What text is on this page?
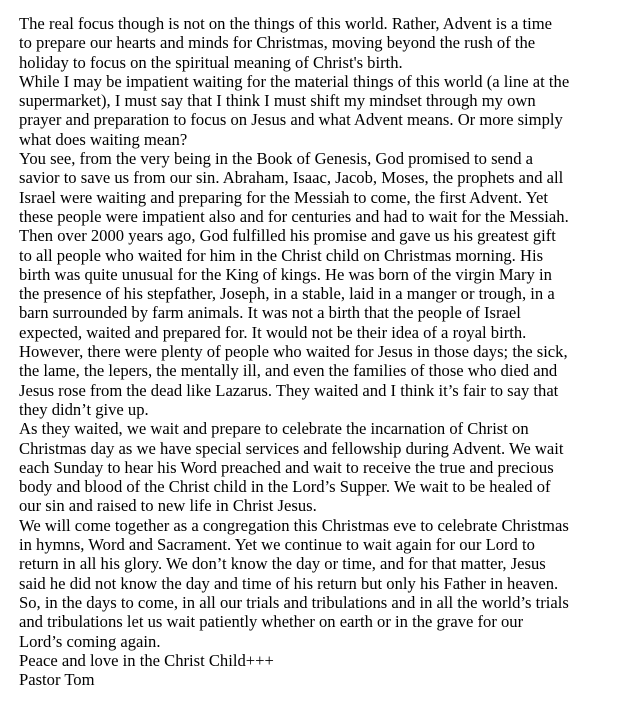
The real focus though is not on the things of this world. Rather, Advent is a time
to prepare our hearts and minds for Christmas, moving beyond the rush of the
holiday to focus on the spiritual meaning of Christ's birth.
While I may be impatient waiting for the material things of this world (a line at the
supermarket), I must say that I think I must shift my mindset through my own
prayer and preparation to focus on Jesus and what Advent means. Or more simply
what does waiting mean?
You see, from the very being in the Book of Genesis, God promised to send a
savior to save us from our sin. Abraham, Isaac, Jacob, Moses, the prophets and all
Israel were waiting and preparing for the Messiah to come, the first Advent. Yet
these people were impatient also and for centuries and had to wait for the Messiah.
Then over 2000 years ago, God fulfilled his promise and gave us his greatest gift
to all people who waited for him in the Christ child on Christmas morning. His
birth was quite unusual for the King of kings. He was born of the virgin Mary in
the presence of his stepfather, Joseph, in a stable, laid in a manger or trough, in a
barn surrounded by farm animals. It was not a birth that the people of Israel
expected, waited and prepared for. It would not be their idea of a royal birth.
However, there were plenty of people who waited for Jesus in those days; the sick,
the lame, the lepers, the mentally ill, and even the families of those who died and
Jesus rose from the dead like Lazarus. They waited and I think it’s fair to say that
they didn’t give up.
As they waited, we wait and prepare to celebrate the incarnation of Christ on
Christmas day as we have special services and fellowship during Advent. We wait
each Sunday to hear his Word preached and wait to receive the true and precious
body and blood of the Christ child in the Lord’s Supper. We wait to be healed of
our sin and raised to new life in Christ Jesus.
We will come together as a congregation this Christmas eve to celebrate Christmas
in hymns, Word and Sacrament. Yet we continue to wait again for our Lord to
return in all his glory. We don’t know the day or time, and for that matter, Jesus
said he did not know the day and time of his return but only his Father in heaven.
So, in the days to come, in all our trials and tribulations and in all the world’s trials
and tribulations let us wait patiently whether on earth or in the grave for our
Lord’s coming again.
Peace and love in the Christ Child+++
Pastor Tom
